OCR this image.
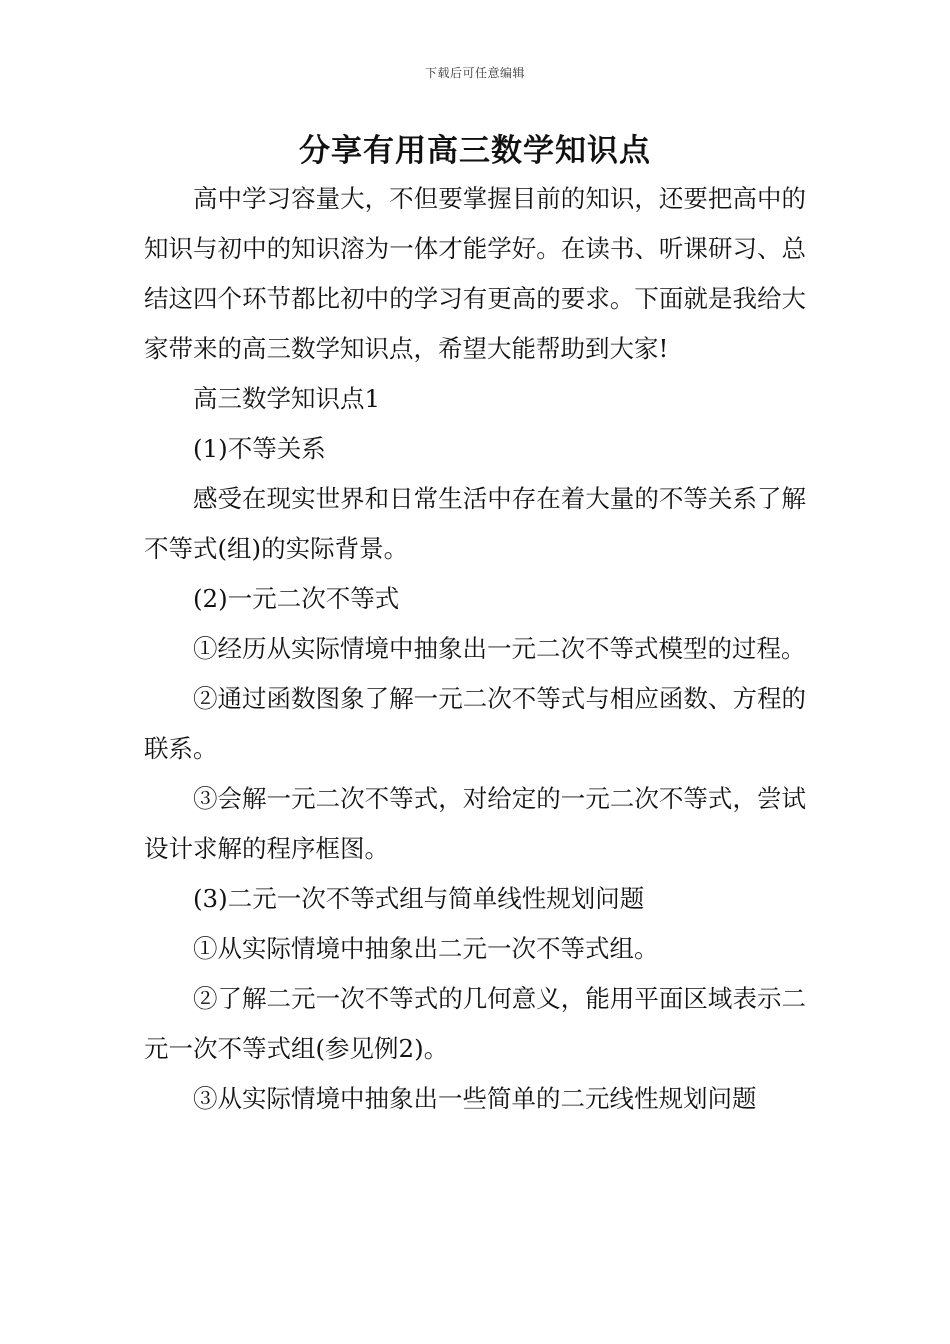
下载后可任意编辑
分享有用高三数学知识点

高中学习容量大，不但要掌握目前的知识，还要把高中的知识与初中的知识溶为一体才能学好。在读书、听课研习、总结这四个环节都比初中的学习有更高的要求。下面就是我给大家带来的高三数学知识点，希望大能帮助到大家!

高三数学知识点1

(1)不等关系

感受在现实世界和日常生活中存在着大量的不等关系了解不等式(组)的实际背景。

(2)一元二次不等式

①经历从实际情境中抽象出一元二次不等式模型的过程。

②通过函数图象了解一元二次不等式与相应函数、方程的联系。

③会解一元二次不等式，对给定的一元二次不等式，尝试设计求解的程序框图。

(3)二元一次不等式组与简单线性规划问题

①从实际情境中抽象出二元一次不等式组。

②了解二元一次不等式的几何意义，能用平面区域表示二元一次不等式组(参见例2)。

③从实际情境中抽象出一些简单的二元线性规划问题
